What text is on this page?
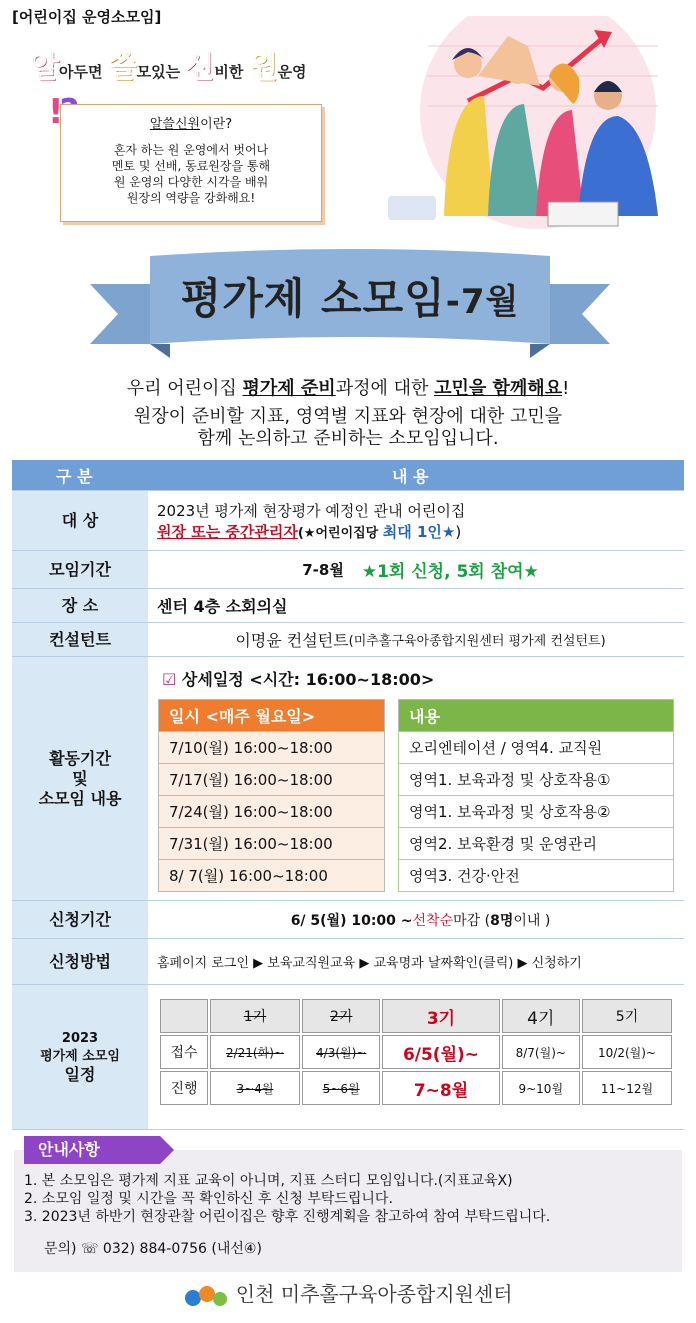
[어린이집 운영소모임]
알아두면 쓸모있는 신비한 원운영
!	알쓸신원이란?
혼자 하는 원 운영에서 벗어나
멘토 및 선배, 동료원장을 통해
원 운영의 다양한 시각을 배워
원장의 역량을 강화해요!
평가제 소모임-7월
우리 어린이집 평가제 준비과정에 대한 고민을 함께해요!
원장이 준비할 지표, 영역별 지표와 현장에 대한 고민을
함께 논의하고 준비하는 소모임입니다.
구 분	내 용
대 상	2023년 평가제 현장평가 예정인 관내 어린이집
원장 또는 중간관리자(★어린이집당 최대 1인★)
모임기간	7-8월 ★1회 신청, 5회 참여★
장 소	센터 4층 소회의실
컨설턴트	이명윤 컨설턴트 (미추홀구육아종합지원센터 평가제 컨설턴트)
활동기간
및
소모임 내용
☑ 상세일정 <시간: 16:00~18:00>
일시 <매주 월요일>		내용
7/10(월) 16:00~18:00		오리엔테이션 / 영역4. 교직원
7/17(월) 16:00~18:00		영역1. 보육과정 및 상호작용①
7/24(월) 16:00~18:00		영역1. 보육과정 및 상호작용②
7/31(월) 16:00~18:00		영역2. 보육환경 및 운영관리
8/ 7(월) 16:00~18:00		영역3. 건강·안전
신청기간	6/ 5(월) 10:00 ~ 선착순 마감 ( 8명 이내 )
신청방법	홈페이지 로그인 ▶ 보육교직원교육 ▶ 교육명과 날짜확인(클릭) ▶ 신청하기
2023
평가제 소모임
일정
	1기	2기	3기	4기	5기
접수	2/21(화)~	4/3(월)~	6/5(월)~	8/7(월)~	10/2(월)~
진행	3~4월	5~6월	7~8월	9~10월	11~12월
1. 본 소모임은 평가제 지표 교육이 아니며, 지표 스터디 모임입니다.(지표교육X)
2. 소모임 일정 및 시간을 꼭 확인하신 후 신청 부탁드립니다.
3. 2023년 하반기 현장관찰 어린이집은 향후 진행계획을 참고하여 참여 부탁드립니다.
문의) ☏ 032) 884-0756 (내선④)
안내사항
인천 미추홀구육아종합지원센터
